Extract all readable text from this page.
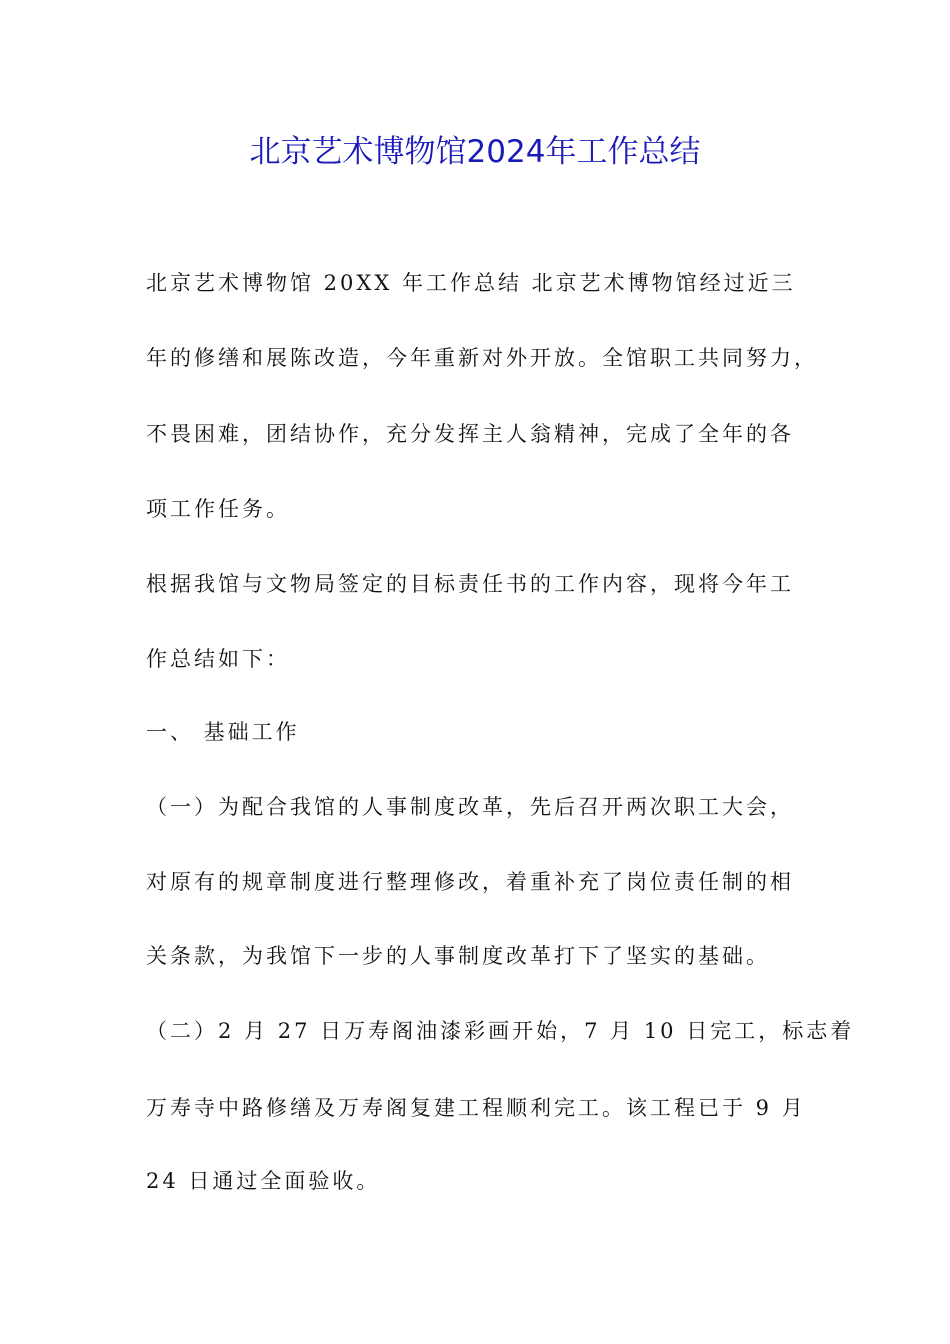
北京艺术博物馆2024年工作总结
北京艺术博物馆 20XX 年工作总结 北京艺术博物馆经过近三
年的修缮和展陈改造，今年重新对外开放。全馆职工共同努力，
不畏困难，团结协作，充分发挥主人翁精神，完成了全年的各
项工作任务。
根据我馆与文物局签定的目标责任书的工作内容，现将今年工
作总结如下：
一、 基础工作
（一）为配合我馆的人事制度改革，先后召开两次职工大会，
对原有的规章制度进行整理修改，着重补充了岗位责任制的相
关条款，为我馆下一步的人事制度改革打下了坚实的基础。
（二）2 月 27 日万寿阁油漆彩画开始，7 月 10 日完工，标志着
万寿寺中路修缮及万寿阁复建工程顺利完工。该工程已于 9 月
24 日通过全面验收。
